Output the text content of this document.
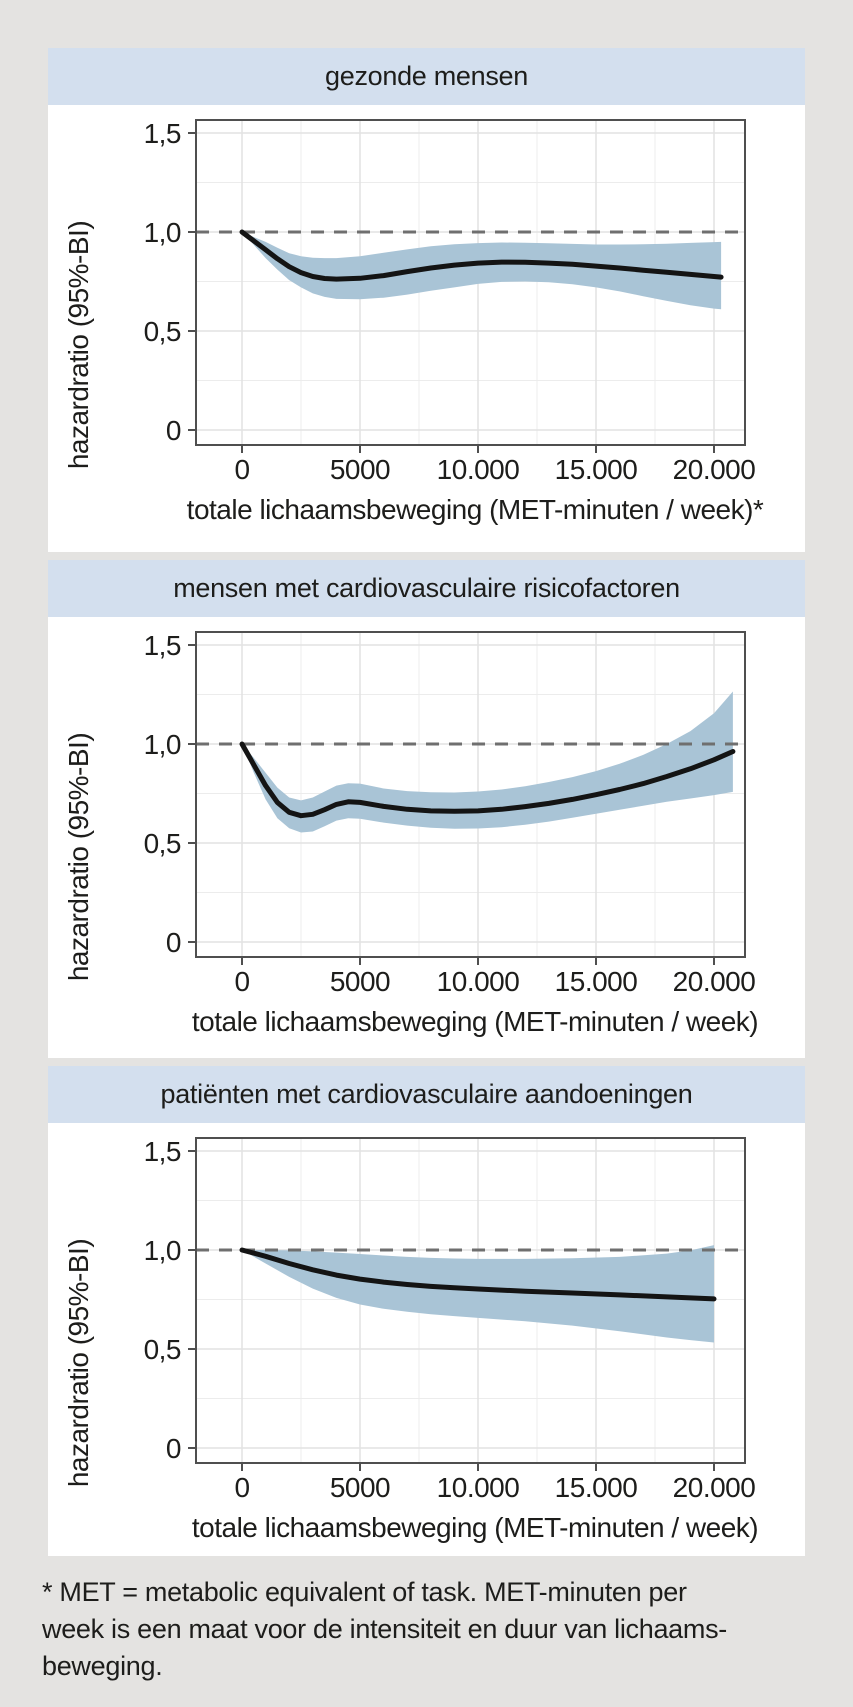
gezonde mensen
0
0,5
1,0
1,5
0	5000 10.000 15.000 20.000
hazardratio (95%-BI)
totale lichaamsbeweging (MET-minuten / week)*
mensen met cardiovasculaire risicofactoren
0
0,5
1,0
1,5
0	5000 10.000 15.000 20.000
hazardratio (95%-BI)
totale lichaamsbeweging (MET-minuten / week)
patiënten met cardiovasculaire aandoeningen
0
0,5
1,0
1,5
0	5000 10.000 15.000 20.000
hazardratio (95%-BI)
totale lichaamsbeweging (MET-minuten / week)
* MET = metabolic equivalent of task. MET-minuten per
week is een maat voor de intensiteit en duur van lichaams-
beweging.
